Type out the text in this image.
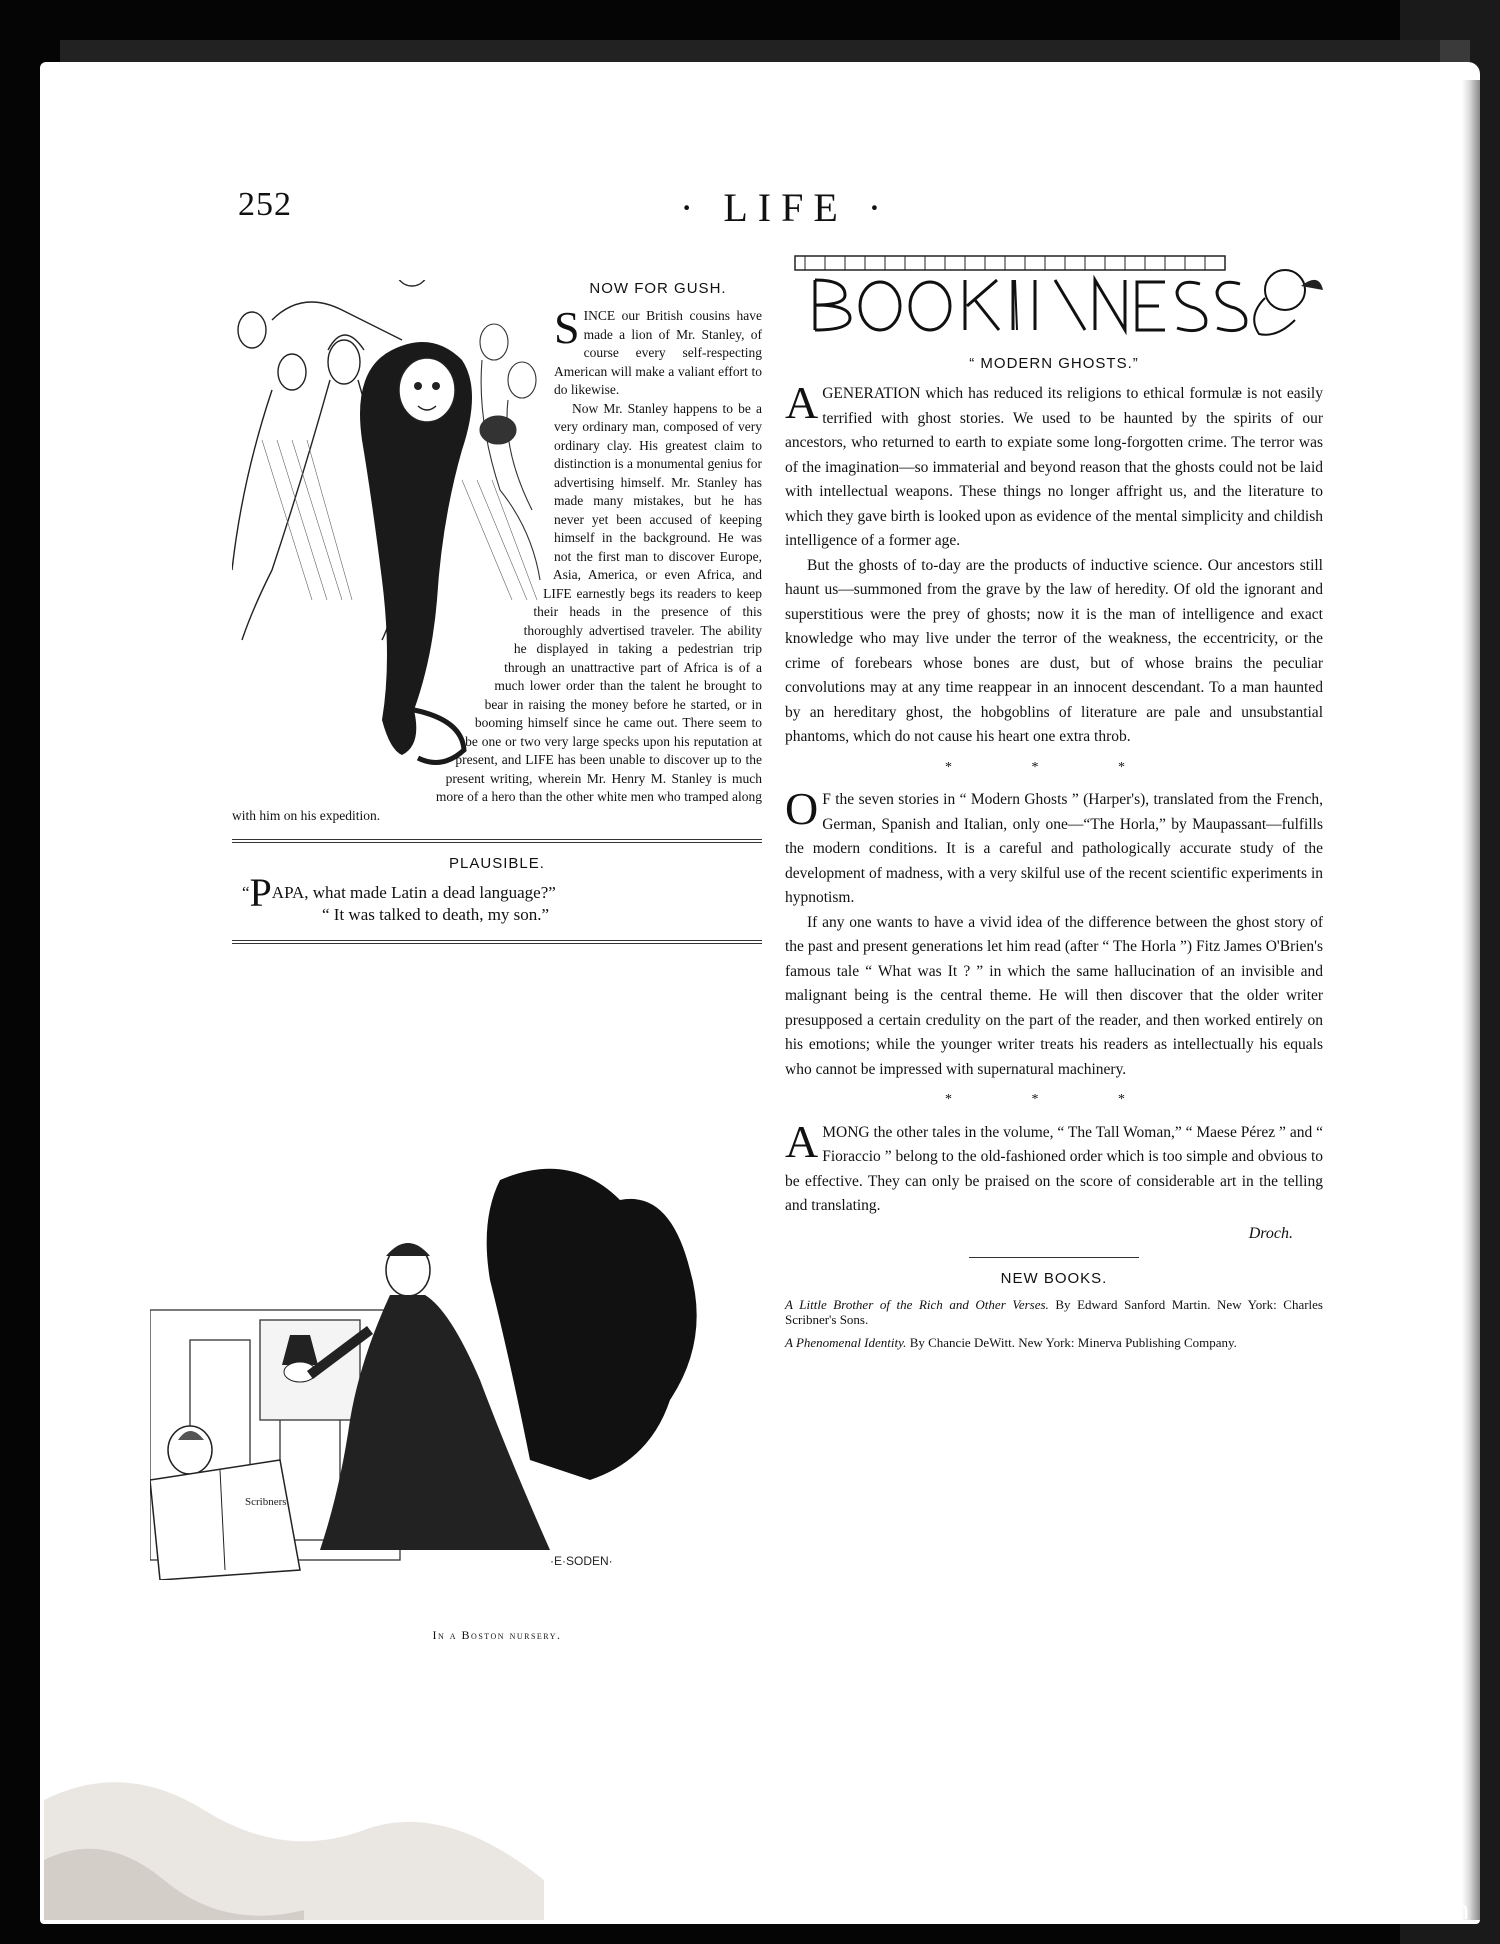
252	· LIFE ·
NOW FOR GUSH.

SINCE our British cousins have made a lion of Mr. Stanley, of course every self-respecting American will make a valiant effort to do likewise.

Now Mr. Stanley happens to be a very ordinary man, composed of very ordinary clay. His greatest claim to distinction is a monumental genius for advertising himself. Mr. Stanley has made many mistakes, but he has never yet been accused of keeping himself in the background. He was not the first man to discover Europe, Asia, America, or even Africa, and LIFE earnestly begs its readers to keep their heads in the presence of this thoroughly advertised traveler. The ability he displayed in taking a pedestrian trip through an unattractive part of Africa is of a much lower order than the talent he brought to bear in raising the money before he started, or in booming himself since he came out. There seem to be one or two very large specks upon his reputation at present, and LIFE has been unable to discover up to the present writing, wherein Mr. Henry M. Stanley is much more of a hero than the other white men who tramped along with him on his expedition.

PLAUSIBLE.
“PAPA, what made Latin a dead language?”
“ It was talked to death, my son.”
Scribners
·E·SODEN·
In a Boston nursery.
“ MODERN GHOSTS.”

AGENERATION which has reduced its religions to ethical formulæ is not easily terrified with ghost stories. We used to be haunted by the spirits of our ancestors, who returned to earth to expiate some long-forgotten crime. The terror was of the imagination—so immaterial and beyond reason that the ghosts could not be laid with intellectual weapons. These things no longer affright us, and the literature to which they gave birth is looked upon as evidence of the mental simplicity and childish intelligence of a former age.

But the ghosts of to-day are the products of inductive science. Our ancestors still haunt us—summoned from the grave by the law of heredity. Of old the ignorant and superstitious were the prey of ghosts; now it is the man of intelligence and exact knowledge who may live under the terror of the weakness, the eccentricity, or the crime of forebears whose bones are dust, but of whose brains the peculiar convolutions may at any time reappear in an innocent descendant. To a man haunted by an hereditary ghost, the hobgoblins of literature are pale and unsubstantial phantoms, which do not cause his heart one extra throb.

* * *

O F the seven stories in “ Modern Ghosts ” (Harper's), translated from the French, German, Spanish and Italian, only one—“The Horla,” by Maupassant—fulfills the modern conditions. It is a careful and pathologically accurate study of the development of madness, with a very skilful use of the recent scientific experiments in hypnotism.

If any one wants to have a vivid idea of the difference between the ghost story of the past and present generations let him read (after “ The Horla ”) Fitz James O'Brien's famous tale “ What was It ? ” in which the same hallucination of an invisible and malignant being is the central theme. He will then discover that the older writer presupposed a certain credulity on the part of the reader, and then worked entirely on his emotions; while the younger writer treats his readers as intellectually his equals who cannot be impressed with supernatural machinery.

* * *

AMONG the other tales in the volume, “ The Tall Woman,” “ Maese Pérez ” and “ Fioraccio ” belong to the old-fashioned order which is too simple and obvious to be effective. They can only be praised on the score of considerable art in the telling and translating.

Droch.
NEW BOOKS.
A Little Brother of the Rich and Other Verses. By Edward Sanford Martin. New York: Charles Scribner's Sons.
A Phenomenal Identity. By Chancie DeWitt. New York: Minerva Publishing Company.
comicbooks.com
